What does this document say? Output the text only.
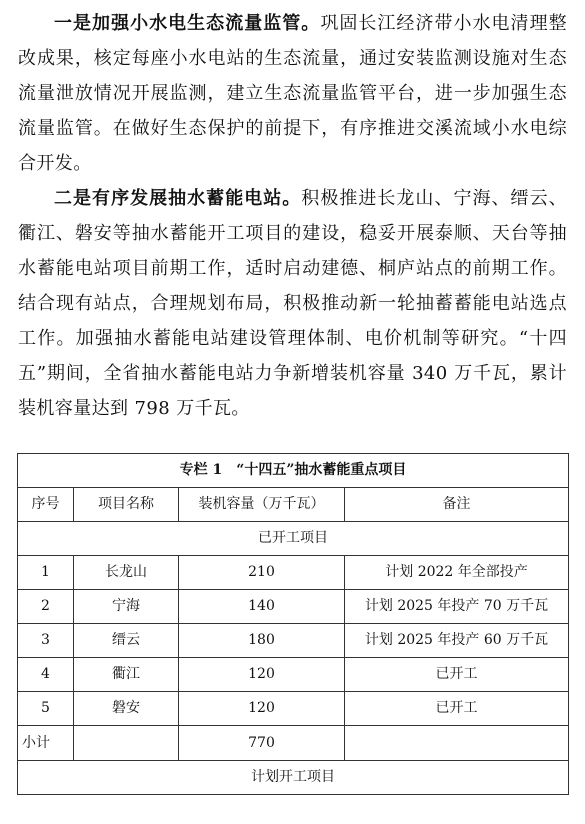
一是加强小水电生态流量监管。巩固长江经济带小水电清理整改成果，核定每座小水电站的生态流量，通过安装监测设施对生态流量泄放情况开展监测，建立生态流量监管平台，进一步加强生态流量监管。在做好生态保护的前提下，有序推进交溪流域小水电综合开发。

二是有序发展抽水蓄能电站。积极推进长龙山、宁海、缙云、衢江、磐安等抽水蓄能开工项目的建设，稳妥开展泰顺、天台等抽水蓄能电站项目前期工作，适时启动建德、桐庐站点的前期工作。结合现有站点，合理规划布局，积极推动新一轮抽蓄蓄能电站选点工作。加强抽水蓄能电站建设管理体制、电价机制等研究。“十四五”期间，全省抽水蓄能电站力争新增装机容量 340 万千瓦，累计装机容量达到 798 万千瓦。

专栏 1　“十四五”抽水蓄能重点项目			
序号	项目名称	装机容量（万千瓦）	备注
已开工项目			
1	长龙山	210	计划 2022 年全部投产
2	宁海	140	计划 2025 年投产 70 万千瓦
3	缙云	180	计划 2025 年投产 60 万千瓦
4	衢江	120	已开工
5	磐安	120	已开工
小计		770	
计划开工项目			
